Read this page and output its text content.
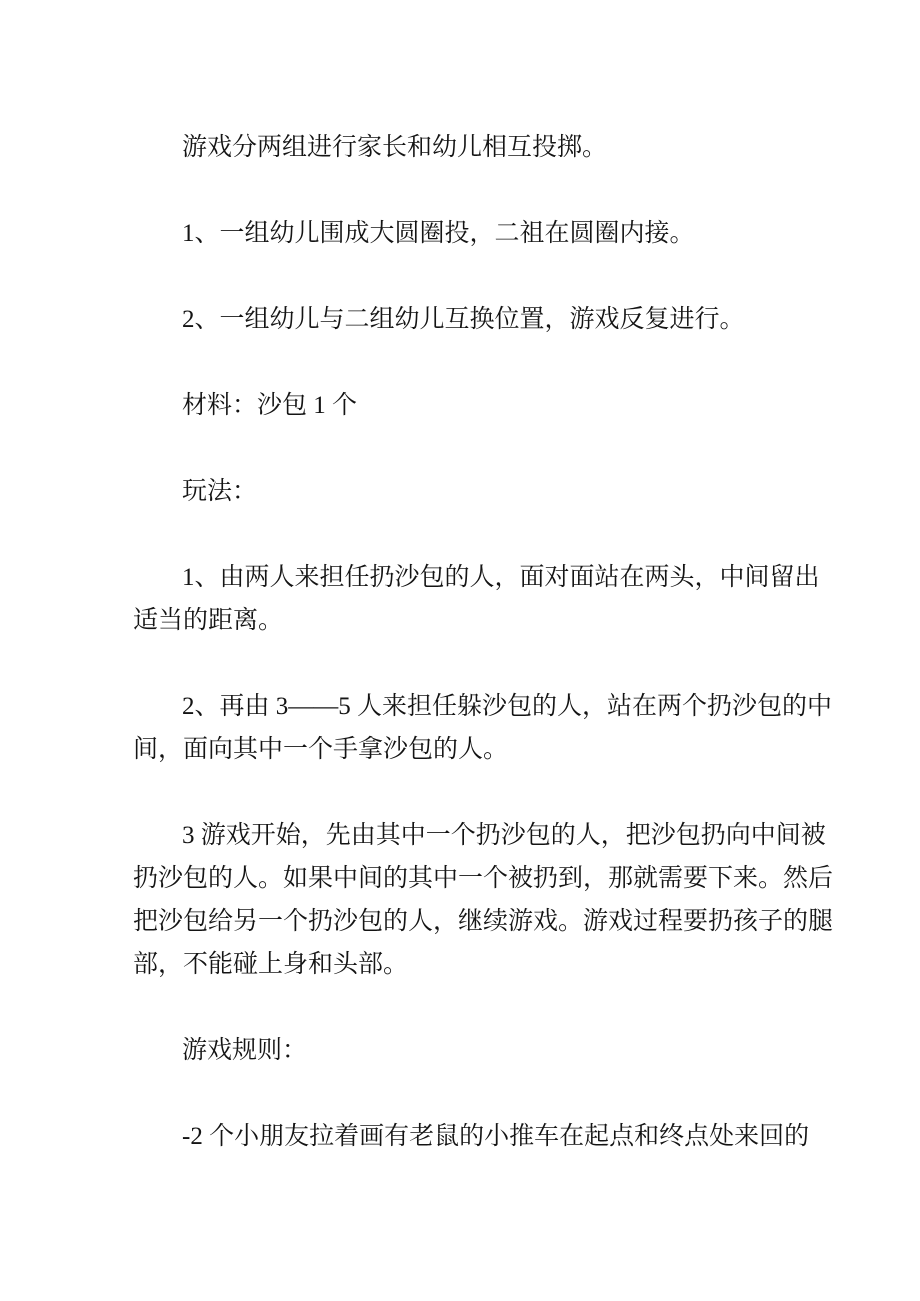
游戏分两组进行家长和幼儿相互投掷。

1、一组幼儿围成大圆圈投，二祖在圆圈内接。

2、一组幼儿与二组幼儿互换位置，游戏反复进行。

材料：沙包 1 个

玩法：

1、由两人来担任扔沙包的人，面对面站在两头，中间留出
适当的距离。

2、再由 3——5 人来担任躲沙包的人，站在两个扔沙包的中
间，面向其中一个手拿沙包的人。

3 游戏开始，先由其中一个扔沙包的人，把沙包扔向中间被
扔沙包的人。如果中间的其中一个被扔到，那就需要下来。然后
把沙包给另一个扔沙包的人，继续游戏。游戏过程要扔孩子的腿
部，不能碰上身和头部。

游戏规则：

-2 个小朋友拉着画有老鼠的小推车在起点和终点处来回的
